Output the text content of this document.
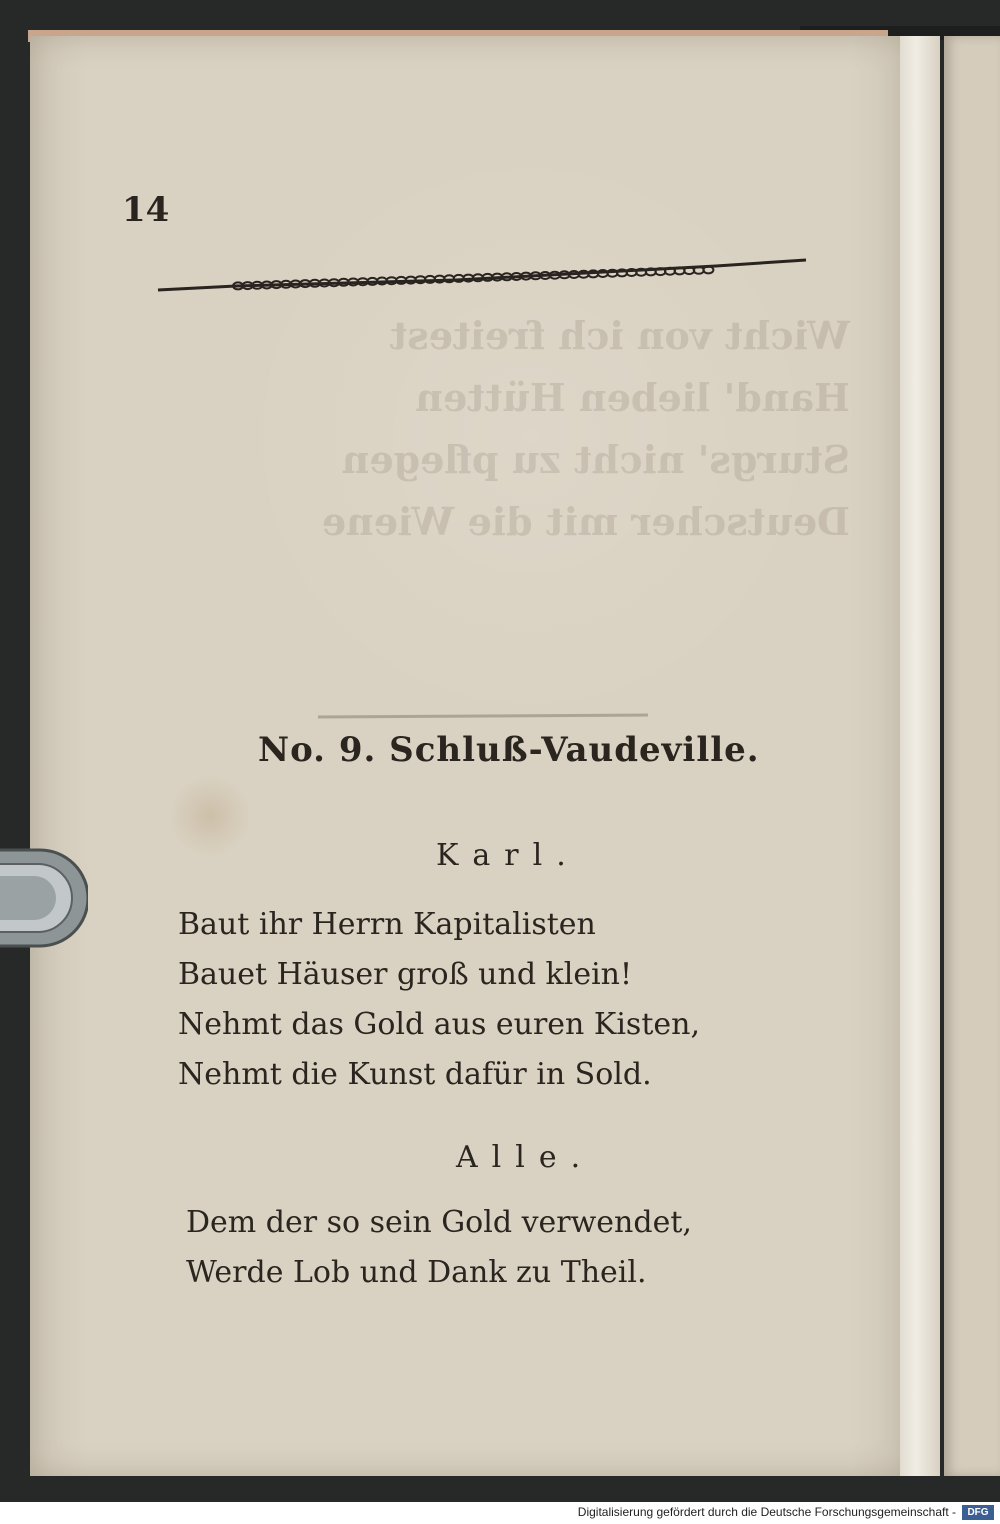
Wicht von ich freitest
Hand' lieben Hütten
Sturgs' nicht zu pflegen
Deutscher mit die Wiene

14

No. 9. Schluß-Vaudeville.

Karl.

Baut ihr Herrn Kapitalisten
Bauet Häuser groß und klein!
Nehmt das Gold aus euren Kisten,
Nehmt die Kunst dafür in Sold.

Alle.

Dem der so sein Gold verwendet,
Werde Lob und Dank zu Theil.

Digitalisierung gefördert durch die Deutsche Forschungsgemeinschaft -	DFG
